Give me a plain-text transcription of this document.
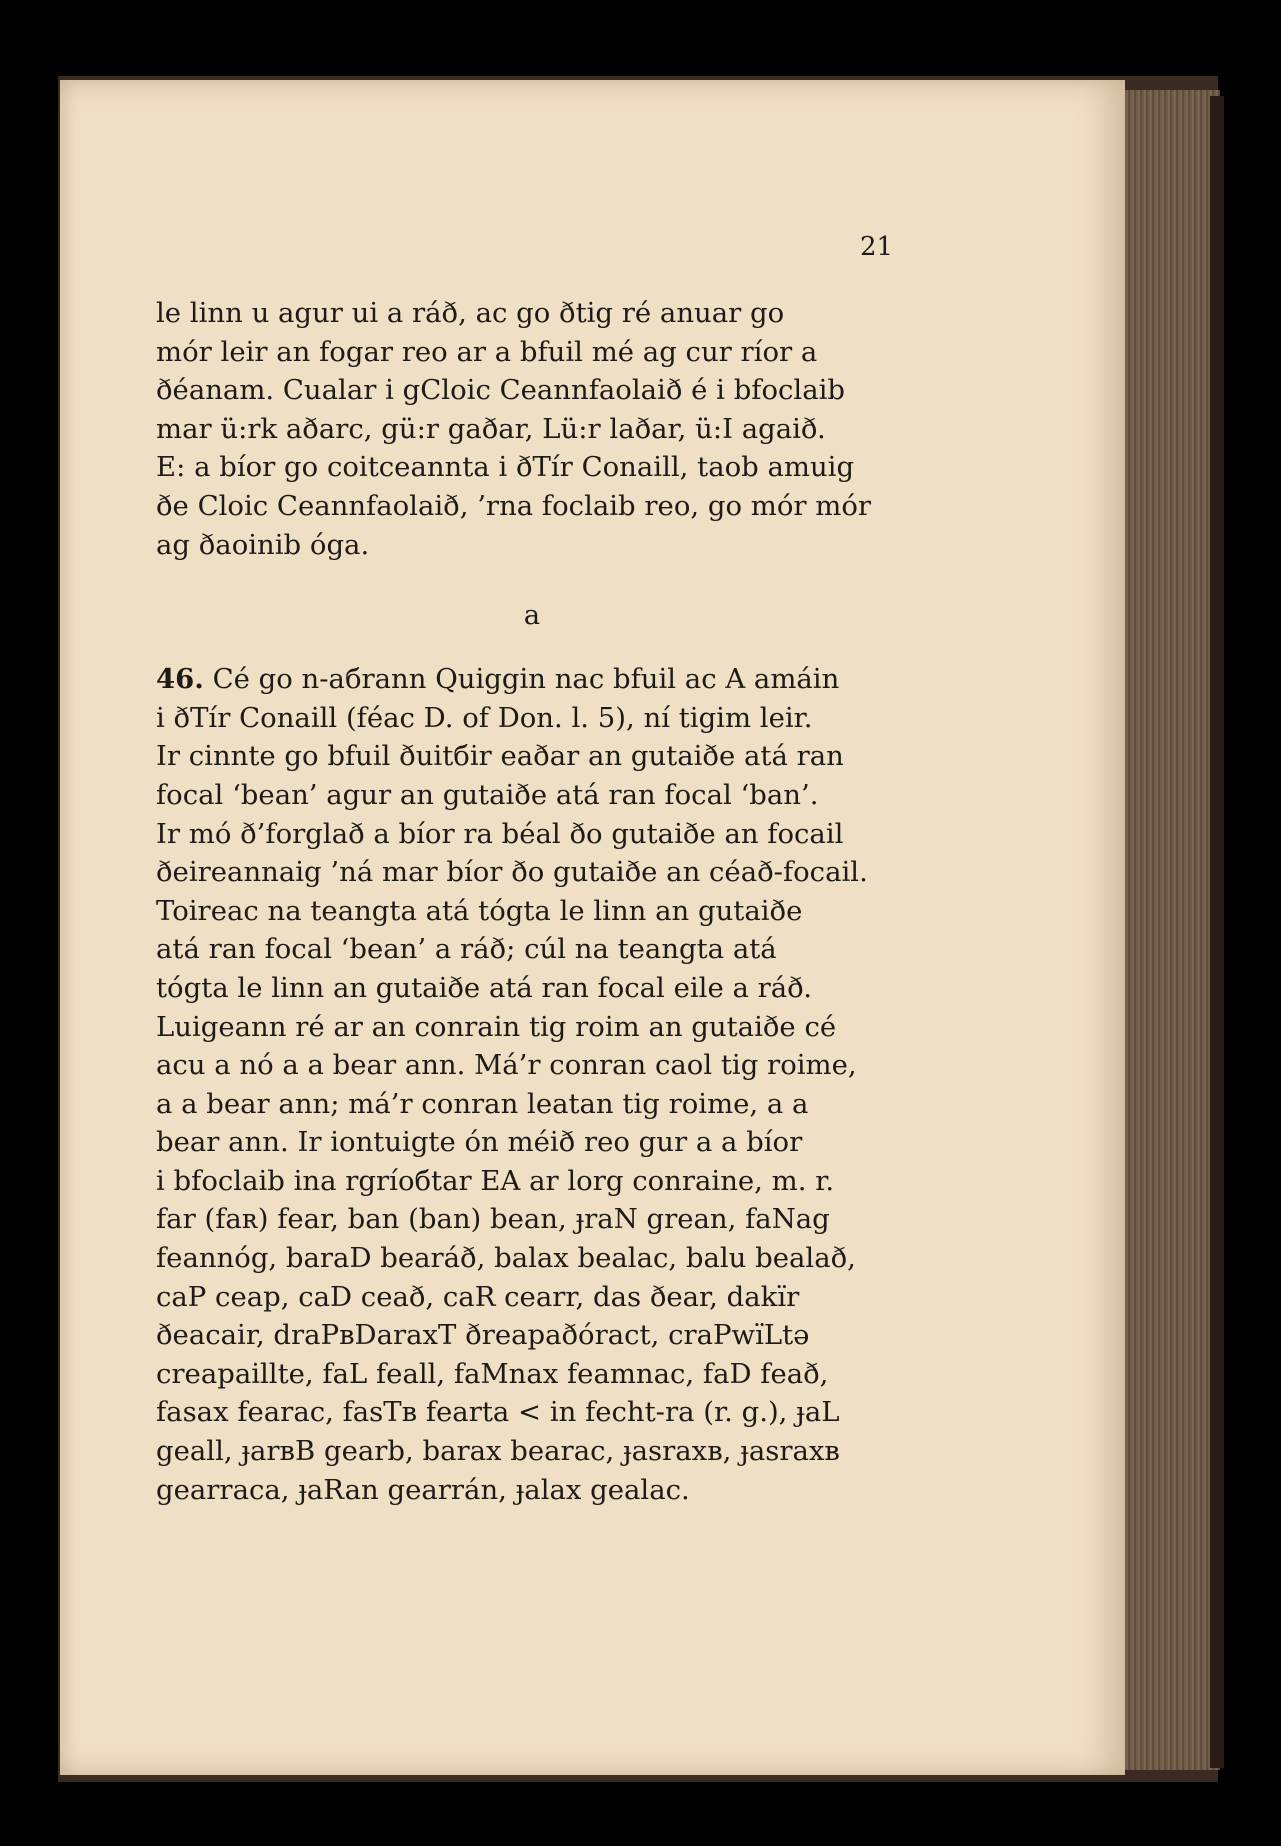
21
le linn u agur ui a ráð, ac go ðtig ré anuar go
mór leir an fogar reo ar a bfuil mé ag cur ríor a
ðéanam. Cualar i gCloic Ceannfaolaið é i bfoclaib
mar ü:rk aðarc, gü:r gaðar, Lü:r laðar, ü:I agaið.
E: a bíor go coitceannta i ðTír Conaill, taob amuig
ðe Cloic Ceannfaolaið, ’rna foclaib reo, go mór mór
ag ðaoinib óga.
a
46. Cé go n-aбrann Quiggin nac bfuil ac A amáin
i ðTír Conaill (féac D. of Don. l. 5), ní tigim leir.
Ir cinnte go bfuil ðuitбir eaðar an gutaiðe atá ran
focal ‘bean’ agur an gutaiðe atá ran focal ‘ban’.
Ir mó ð’forglað a bíor ra béal ðo gutaiðe an focail
ðeireannaig ’ná mar bíor ðo gutaiðe an céað-focail.
Toireac na teangta atá tógta le linn an gutaiðe
atá ran focal ‘bean’ a ráð; cúl na teangta atá
tógta le linn an gutaiðe atá ran focal eile a ráð.
Luigeann ré ar an conrain tig roim an gutaiðe cé
acu a nó a a bear ann. Má’r conran caol tig roime,
a a bear ann; má’r conran leatan tig roime, a a
bear ann. Ir iontuigte ón méið reo gur a a bíor
i bfoclaib ina rgríoбtar EA ar lorg conraine, m. r.
far (faʀ) fear, ban (ban) bean, ɟraN grean, faNag
feannóg, baraD bearáð, balax bealac, balu bealað,
caP ceap, caD ceað, caR cearr, das ðear, dakïr
ðeacair, draPвDaraxT ðreapaðóract, craPwïLtə
creapaillte, faL feall, faMnax feamnac, faD feað,
fasax fearac, fasTв fearta < in fecht-ra (r. g.), ɟaL
geall, ɟarвB gearb, barax bearac, ɟasraxв, ɟasraxв
gearraca, ɟaRan gearrán, ɟalax gealac.
